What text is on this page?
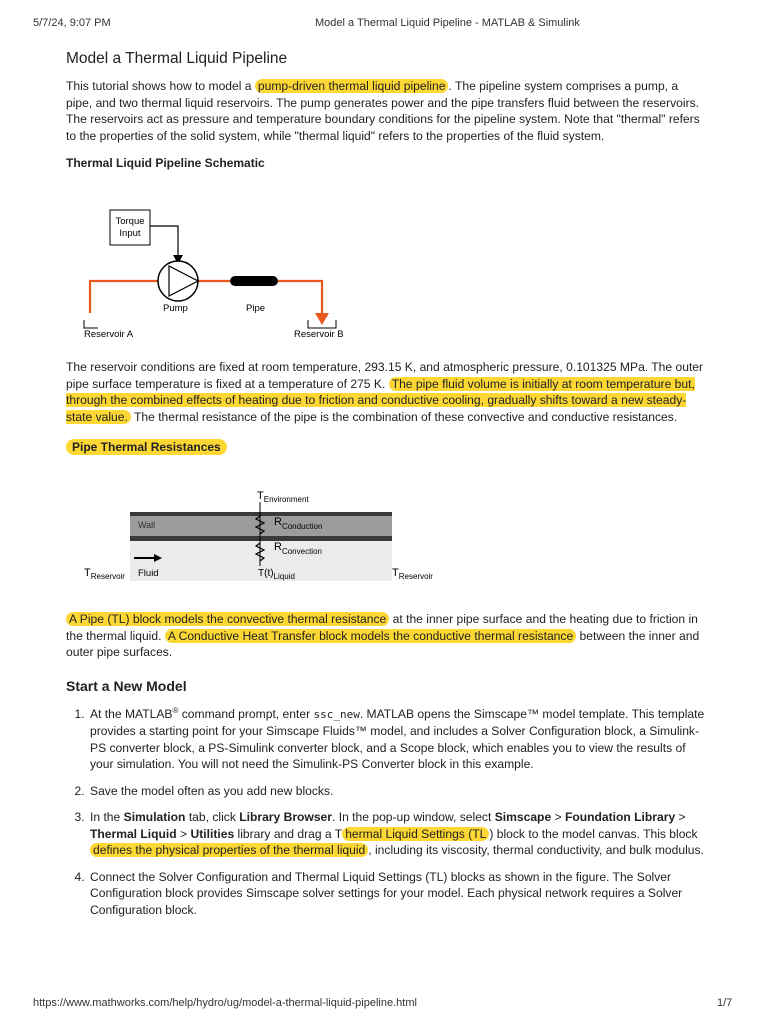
5/7/24, 9:07 PM	Model a Thermal Liquid Pipeline - MATLAB & Simulink
https://www.mathworks.com/help/hydro/ug/model-a-thermal-liquid-pipeline.html	1/7
Model a Thermal Liquid Pipeline

This tutorial shows how to model a pump-driven thermal liquid pipeline . The pipeline system comprises a pump, a pipe, and two thermal liquid reservoirs. The pump generates power and the pipe transfers fluid between the reservoirs. The reservoirs act as pressure and temperature boundary conditions for the pipeline system. Note that "thermal" refers to the properties of the solid system, while "thermal liquid" refers to the properties of the fluid system.

Thermal Liquid Pipeline Schematic
Torque
Input
Pump	Pipe
Reservoir A	Reservoir B

The reservoir conditions are fixed at room temperature, 293.15 K, and atmospheric pressure, 0.101325 MPa. The outer pipe surface temperature is fixed at a temperature of 275 K. The pipe fluid volume is initially at room temperature but, through the combined effects of heating due to friction and conductive cooling, gradually shifts toward a new steady-state value. The thermal resistance of the pipe is the combination of these convective and conductive resistances.

Pipe Thermal Resistances
$T_{Environment}$
Wall	$R_{Conduction}$
$R_{Convection}$
Fluid
$T_{Reservoir}$	$T(t)_{Liquid}$	$T_{Reservoir}$

A Pipe (TL) block models the convective thermal resistance at the inner pipe surface and the heating due to friction in the thermal liquid. A Conductive Heat Transfer block models the conductive thermal resistance between the inner and outer pipe surfaces.

Start a New Model
1. At the MATLAB® command prompt, enter ssc_new. MATLAB opens the Simscape™ model template. This template provides a starting point for your Simscape Fluids™ model, and includes a Solver Configuration block, a Simulink-PS converter block, a PS-Simulink converter block, and a Scope block, which enables you to view the results of your simulation. You will not need the Simulink-PS Converter block in this example.
2. Save the model often as you add new blocks.
3. In the Simulation tab, click Library Browser. In the pop-up window, select Simscape > Foundation Library > Thermal Liquid > Utilities library and drag a T hermal Liquid Settings (TL ) block to the model canvas. This block defines the physical properties of the thermal liquid , including its viscosity, thermal conductivity, and bulk modulus.
4. Connect the Solver Configuration and Thermal Liquid Settings (TL) blocks as shown in the figure. The Solver Configuration block provides Simscape solver settings for your model. Each physical network requires a Solver Configuration block.
